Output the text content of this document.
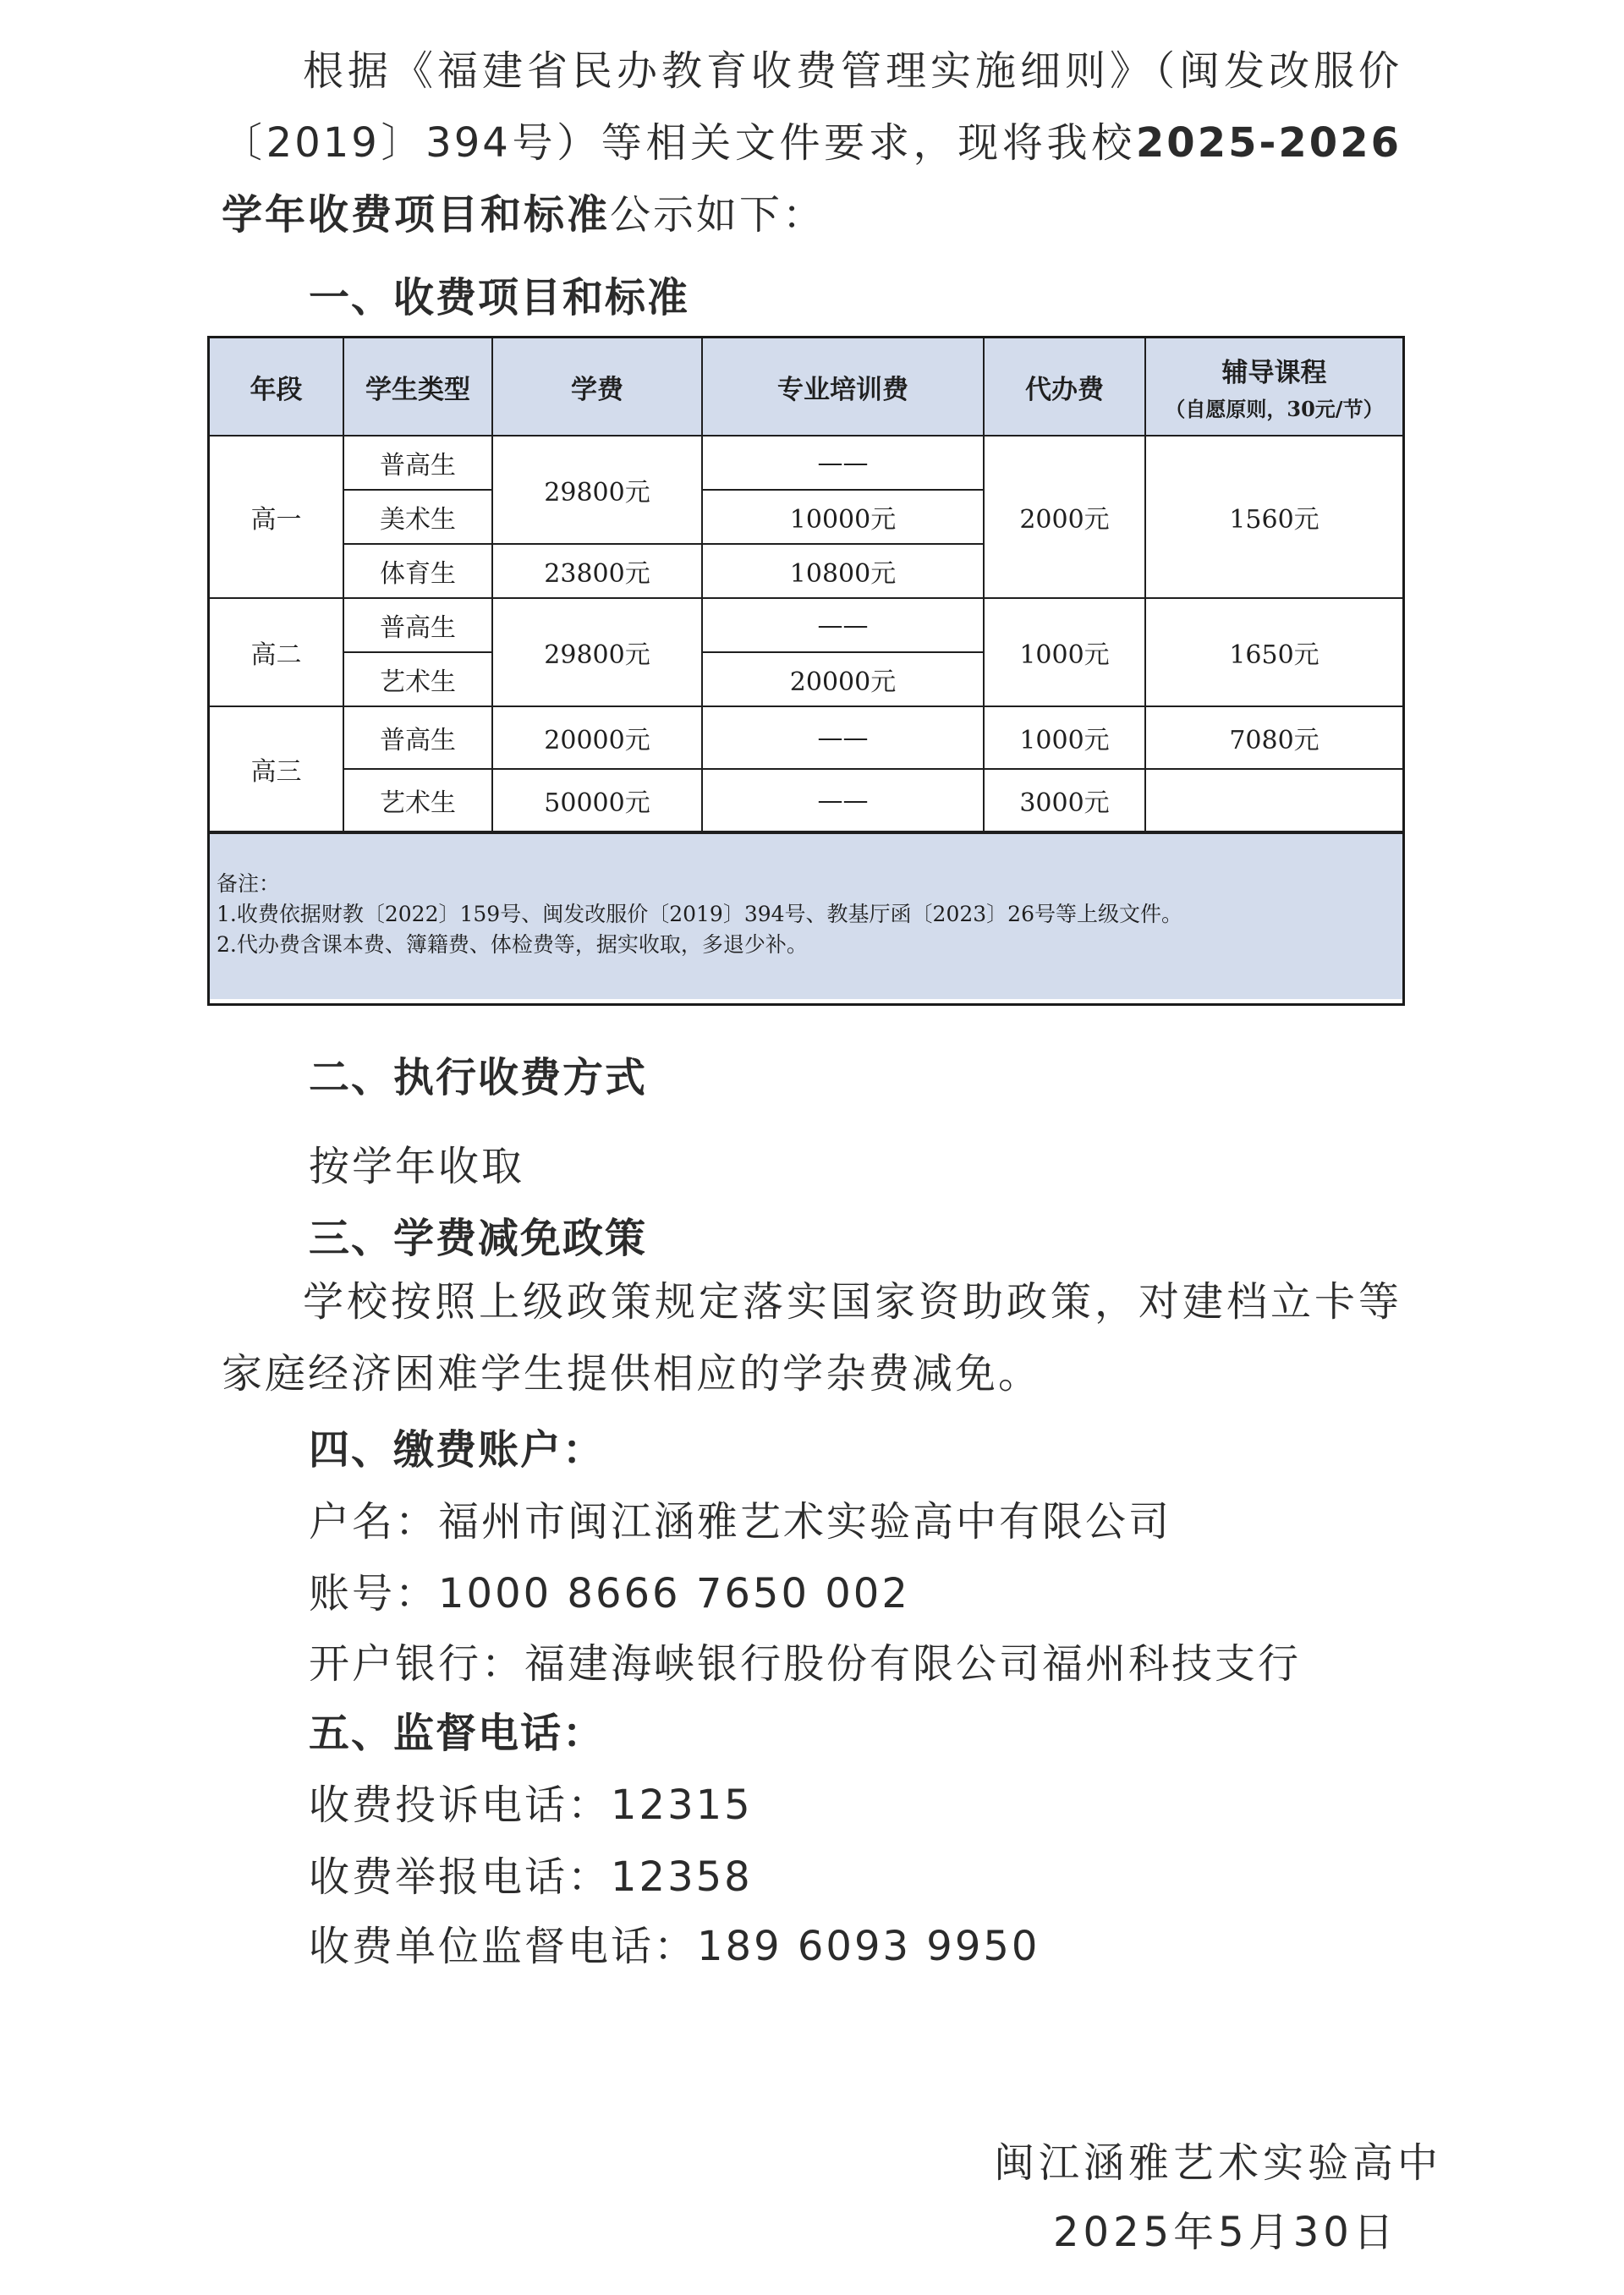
根据《福建省民办教育收费管理实施细则》（闽发改服价〔2019〕394号）等相关文件要求，现将我校2025-2026学年收费项目和标准公示如下：

一、收费项目和标准
年段	学生类型	学费	专业培训费	代办费	辅导课程
（自愿原则，30元/节）

高一	普高生	29800元	——	2000元	1560元
	美术生		10000元		
	体育生	23800元	10800元		
高二	普高生	29800元	——	1000元	1650元
	艺术生		20000元		
高三	普高生	20000元	——	1000元	7080元
	艺术生	50000元	——	3000元	
备注：
1.收费依据财教〔2022〕159号、闽发改服价〔2019〕394号、教基厅函〔2023〕26号等上级文件。
2.代办费含课本费、簿籍费、体检费等，据实收取，多退少补。
二、执行收费方式
按学年收取
三、学费减免政策

学校按照上级政策规定落实国家资助政策，对建档立卡等家庭经济困难学生提供相应的学杂费减免。

四、缴费账户：
户名：福州市闽江涵雅艺术实验高中有限公司
账号：1000 8666 7650 002
开户银行：福建海峡银行股份有限公司福州科技支行
五、监督电话：
收费投诉电话：12315
收费举报电话：12358
收费单位监督电话：189 6093 9950
闽江涵雅艺术实验高中
2025年5月30日
